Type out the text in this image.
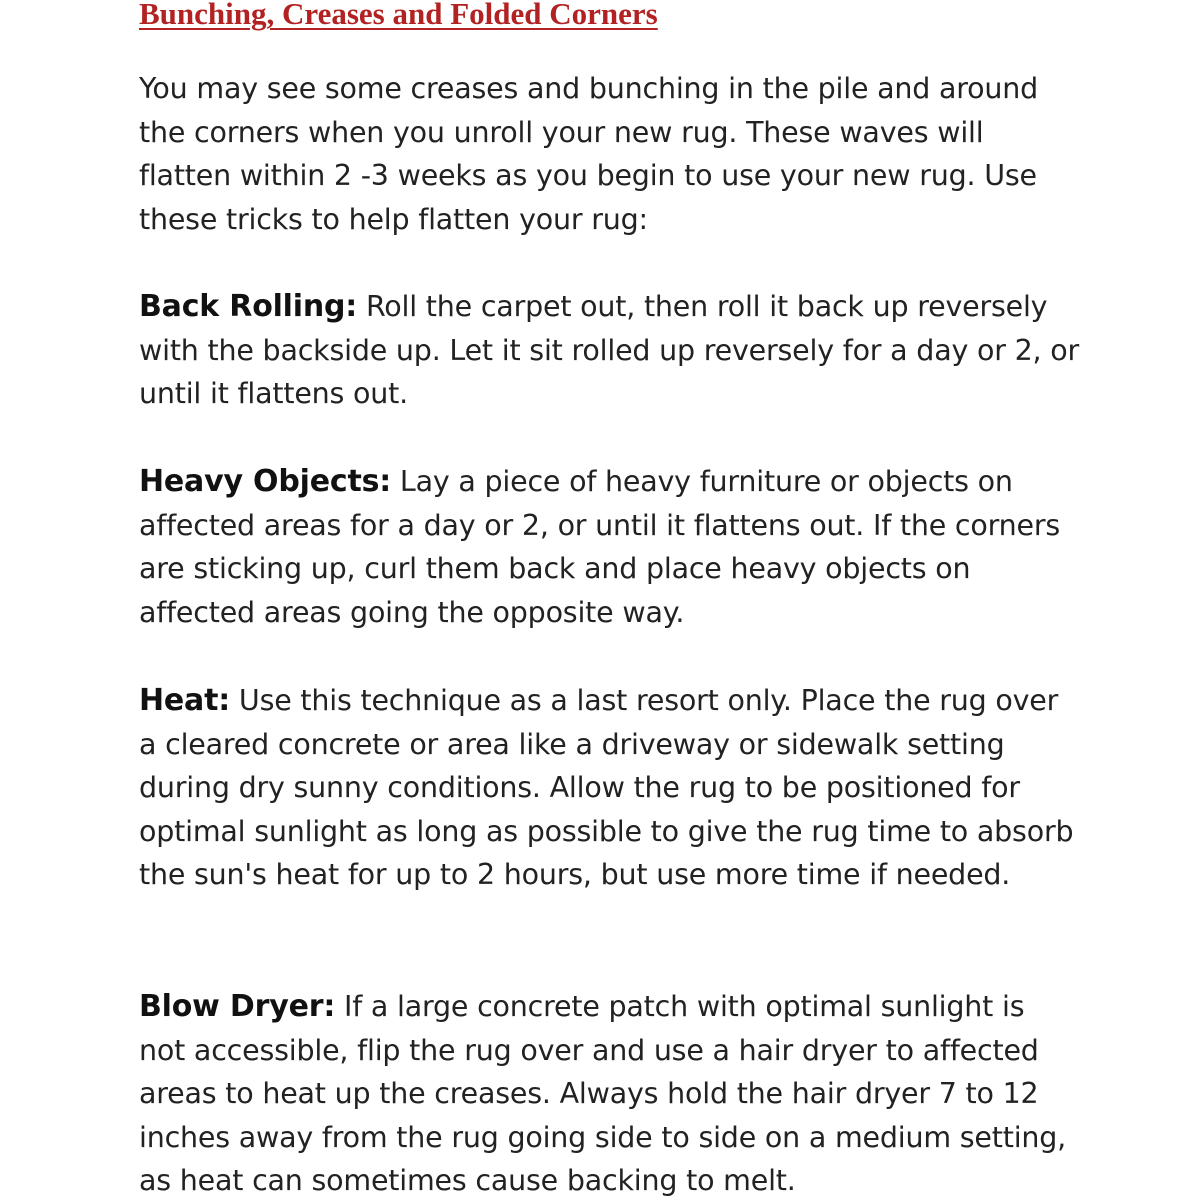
Bunching, Creases and Folded Corners

You may see some creases and bunching in the pile and around the corners when you unroll your new rug. These waves will flatten within 2 -3 weeks as you begin to use your new rug. Use these tricks to help flatten your rug:

Back Rolling: Roll the carpet out, then roll it back up reversely with the backside up. Let it sit rolled up reversely for a day or 2, or until it flattens out.

Heavy Objects: Lay a piece of heavy furniture or objects on affected areas for a day or 2, or until it flattens out. If the corners are sticking up, curl them back and place heavy objects on affected areas going the opposite way.

Heat: Use this technique as a last resort only. Place the rug over a cleared concrete or area like a driveway or sidewalk setting during dry sunny conditions. Allow the rug to be positioned for optimal sunlight as long as possible to give the rug time to absorb the sun's heat for up to 2 hours, but use more time if needed.

Blow Dryer: If a large concrete patch with optimal sunlight is not accessible, flip the rug over and use a hair dryer to affected areas to heat up the creases. Always hold the hair dryer 7 to 12 inches away from the rug going side to side on a medium setting, as heat can sometimes cause backing to melt.
